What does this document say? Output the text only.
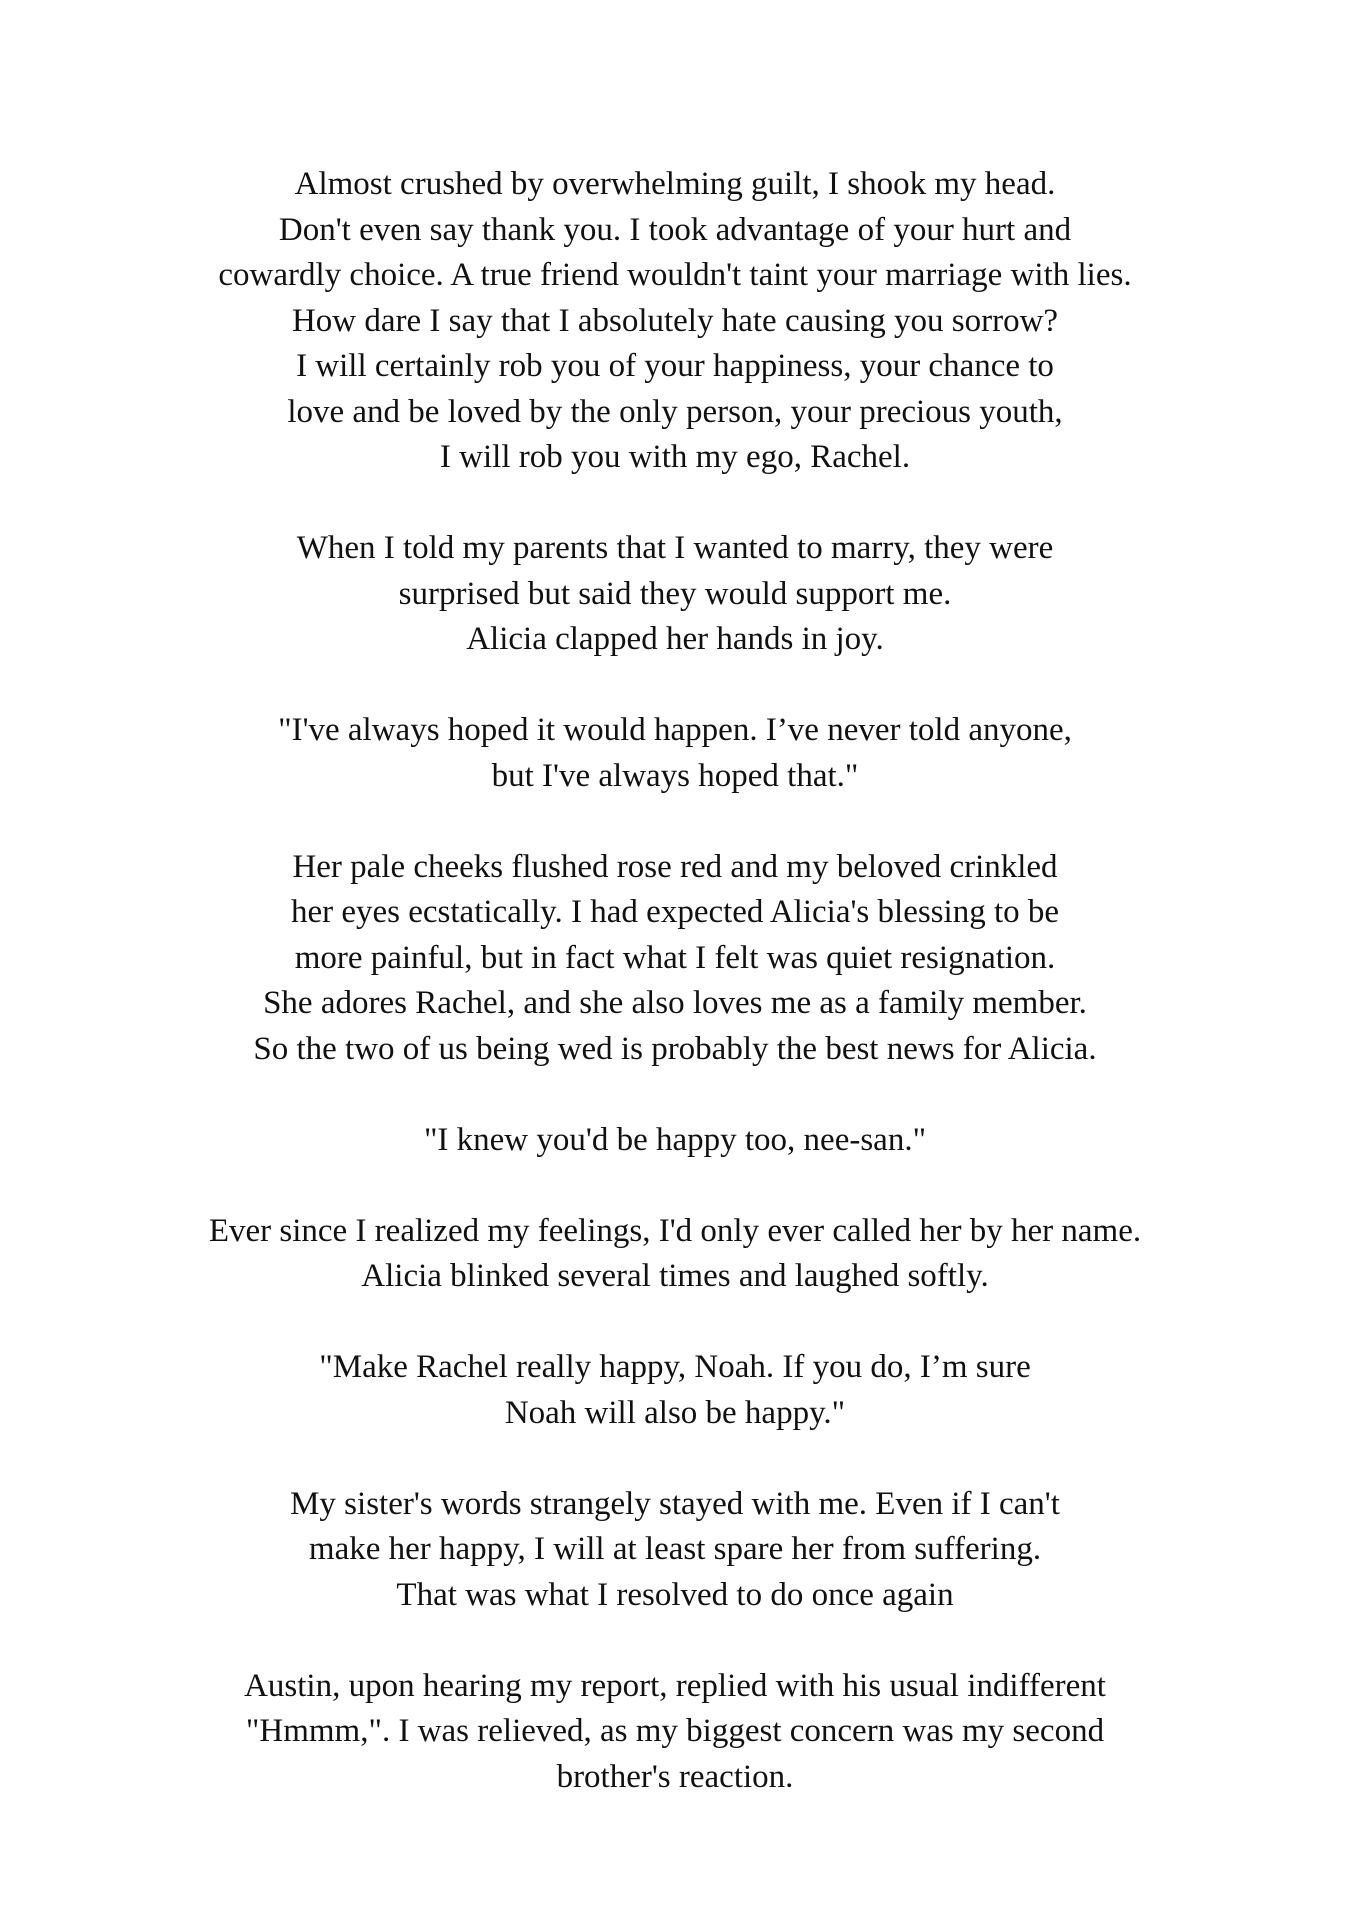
Almost crushed by overwhelming guilt, I shook my head.
Don't even say thank you. I took advantage of your hurt and
cowardly choice. A true friend wouldn't taint your marriage with lies.
How dare I say that I absolutely hate causing you sorrow?
I will certainly rob you of your happiness, your chance to
love and be loved by the only person, your precious youth,
I will rob you with my ego, Rachel.

When I told my parents that I wanted to marry, they were
surprised but said they would support me.
Alicia clapped her hands in joy.

"I've always hoped it would happen. I’ve never told anyone,
but I've always hoped that."

Her pale cheeks flushed rose red and my beloved crinkled
her eyes ecstatically. I had expected Alicia's blessing to be
more painful, but in fact what I felt was quiet resignation.
She adores Rachel, and she also loves me as a family member.
So the two of us being wed is probably the best news for Alicia.

"I knew you'd be happy too, nee-san."

Ever since I realized my feelings, I'd only ever called her by her name.
Alicia blinked several times and laughed softly.

"Make Rachel really happy, Noah. If you do, I’m sure
Noah will also be happy."

My sister's words strangely stayed with me. Even if I can't
make her happy, I will at least spare her from suffering.
That was what I resolved to do once again

Austin, upon hearing my report, replied with his usual indifferent
"Hmmm,". I was relieved, as my biggest concern was my second
brother's reaction.
